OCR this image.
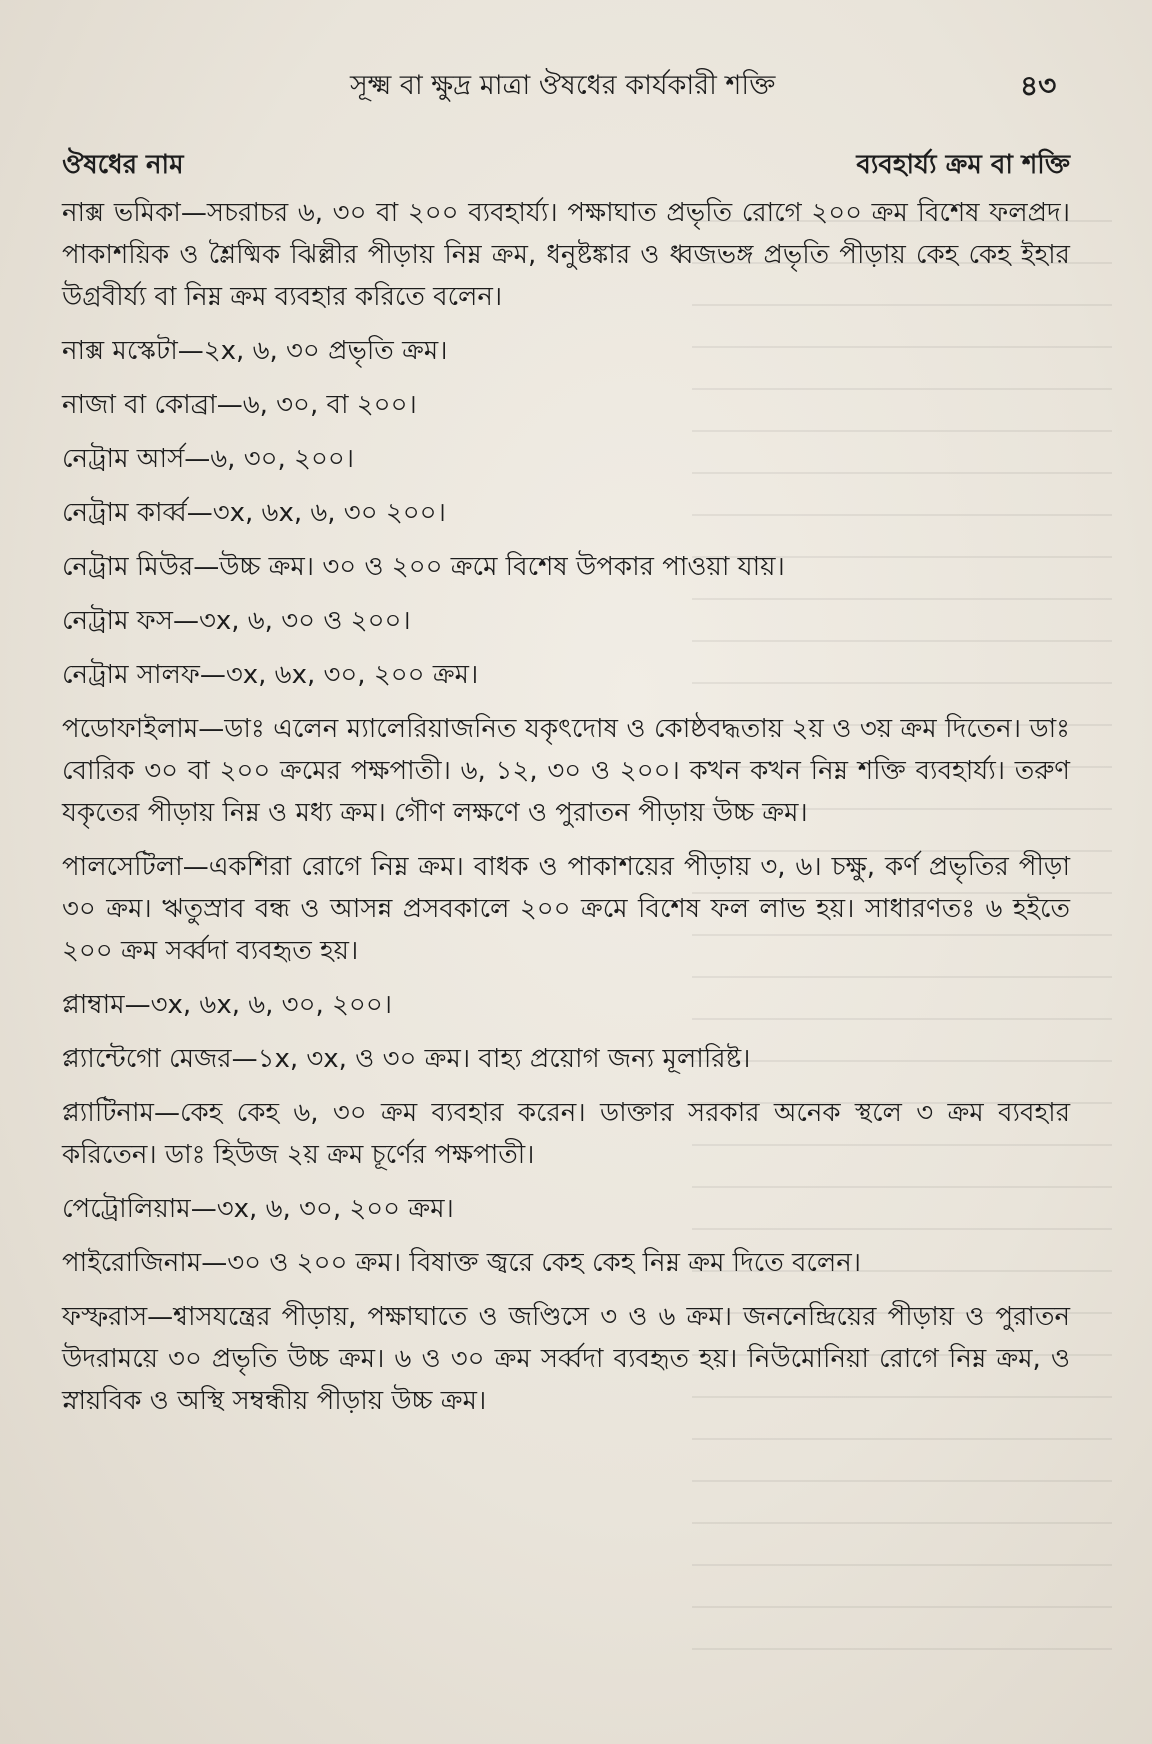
সূক্ষ্ম বা ক্ষুদ্র মাত্রা ঔষধের কার্যকারী শক্তি	৪৩
ঔষধের নাম	ব্যবহার্য্য ক্রম বা শক্তি
নাক্স ভমিকা—সচরাচর ৬, ৩০ বা ২০০ ব্যবহার্য্য। পক্ষাঘাত প্রভৃতি রোগে ২০০ ক্রম বিশেষ ফলপ্রদ। পাকাশয়িক ও শ্লৈষ্মিক ঝিল্লীর পীড়ায় নিম্ন ক্রম, ধনুষ্টঙ্কার ও ধ্বজভঙ্গ প্রভৃতি পীড়ায় কেহ কেহ ইহার উগ্রবীর্য্য বা নিম্ন ক্রম ব্যবহার করিতে বলেন।
নাক্স মস্কেটা—২x, ৬, ৩০ প্রভৃতি ক্রম।
নাজা বা কোব্রা—৬, ৩০, বা ২০০।
নেট্রাম আর্স—৬, ৩০, ২০০।
নেট্রাম কার্ব্ব—৩x, ৬x, ৬, ৩০ ২০০।
নেট্রাম মিউর—উচ্চ ক্রম। ৩০ ও ২০০ ক্রমে বিশেষ উপকার পাওয়া যায়।
নেট্রাম ফস—৩x, ৬, ৩০ ও ২০০।
নেট্রাম সালফ—৩x, ৬x, ৩০, ২০০ ক্রম।
পডোফাইলাম—ডাঃ এলেন ম্যালেরিয়াজনিত যকৃৎদোষ ও কোষ্ঠবদ্ধতায় ২য় ও ৩য় ক্রম দিতেন। ডাঃ বোরিক ৩০ বা ২০০ ক্রমের পক্ষপাতী। ৬, ১২, ৩০ ও ২০০। কখন কখন নিম্ন শক্তি ব্যবহার্য্য। তরুণ যকৃতের পীড়ায় নিম্ন ও মধ্য ক্রম। গৌণ লক্ষণে ও পুরাতন পীড়ায় উচ্চ ক্রম।
পালসেটিলা—একশিরা রোগে নিম্ন ক্রম। বাধক ও পাকাশয়ের পীড়ায় ৩, ৬। চক্ষু, কর্ণ প্রভৃতির পীড়া ৩০ ক্রম। ঋতুস্রাব বন্ধ ও আসন্ন প্রসবকালে ২০০ ক্রমে বিশেষ ফল লাভ হয়। সাধারণতঃ ৬ হইতে ২০০ ক্রম সর্ব্বদা ব্যবহৃত হয়।
প্লাম্বাম—৩x, ৬x, ৬, ৩০, ২০০।
প্ল্যান্টেগো মেজর—১x, ৩x, ও ৩০ ক্রম। বাহ্য প্রয়োগ জন্য মূলারিষ্ট।
প্ল্যাটিনাম—কেহ কেহ ৬, ৩০ ক্রম ব্যবহার করেন। ডাক্তার সরকার অনেক স্থলে ৩ ক্রম ব্যবহার করিতেন। ডাঃ হিউজ ২য় ক্রম চূর্ণের পক্ষপাতী।
পেট্রোলিয়াম—৩x, ৬, ৩০, ২০০ ক্রম।
পাইরোজিনাম—৩০ ও ২০০ ক্রম। বিষাক্ত জ্বরে কেহ কেহ নিম্ন ক্রম দিতে বলেন।
ফস্ফরাস—শ্বাসযন্ত্রের পীড়ায়, পক্ষাঘাতে ও জণ্ডিসে ৩ ও ৬ ক্রম। জননেন্দ্রিয়ের পীড়ায় ও পুরাতন উদরাময়ে ৩০ প্রভৃতি উচ্চ ক্রম। ৬ ও ৩০ ক্রম সর্ব্বদা ব্যবহৃত হয়। নিউমোনিয়া রোগে নিম্ন ক্রম, ও স্নায়বিক ও অস্থি সম্বন্ধীয় পীড়ায় উচ্চ ক্রম।
